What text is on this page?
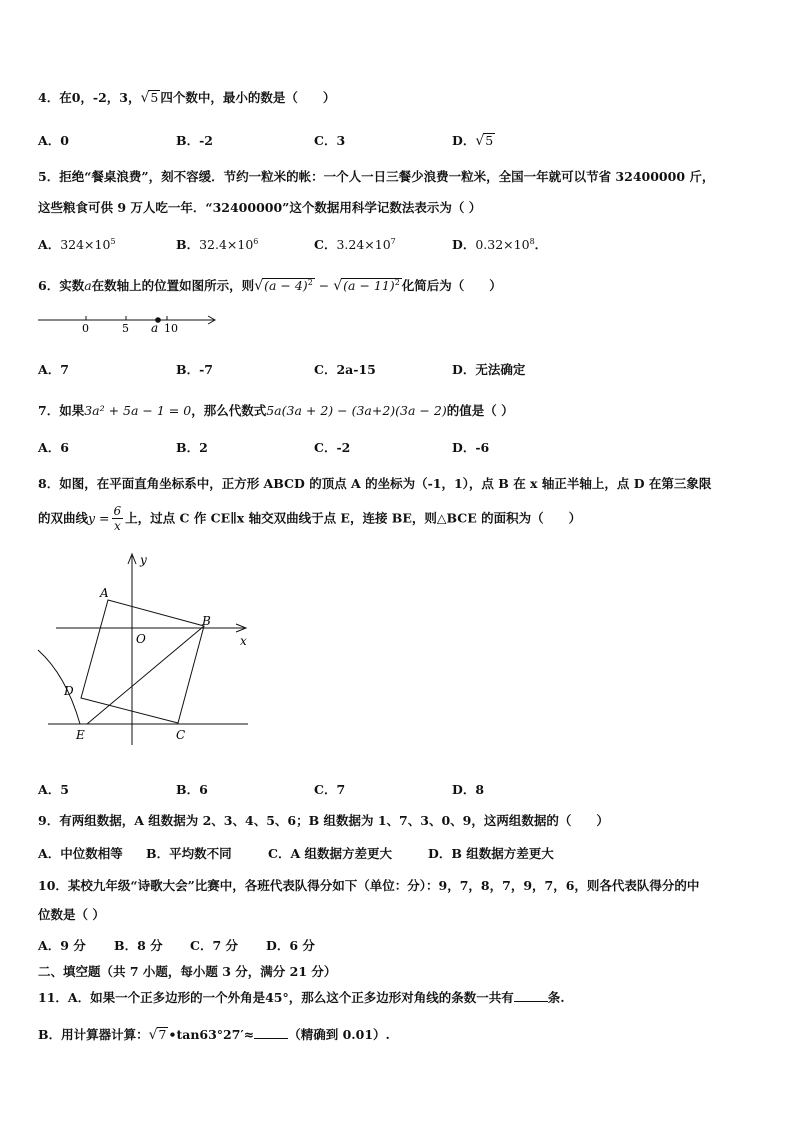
4．在0，-2，3，√5 四个数中，最小的数是（　　）
A．0	B．-2	C．3	D．√5
5．拒绝“餐桌浪费”，刻不容缓．节约一粒米的帐：一个人一日三餐少浪费一粒米，全国一年就可以节省 32400000 斤，
这些粮食可供 9 万人吃一年．“32400000”这个数据用科学记数法表示为（ ）
A．$324\times 10^5$	B．$32.4\times 10^6$	C．$3.24\times 10^7$	D．$0.32\times 10^8$．
6．实数a在数轴上的位置如图所示，则$√(a - 4)^2 - √(a - 11)^2$ 化简后为（　　）
0	5 a 10
A．7	B．-7	C．2a-15	D．无法确定
7．如果3a² + 5a − 1 = 0，那么代数式5a(3a + 2) − (3a+2)(3a − 2)的值是（ ）
A．6	B．2	C．-2	D．-6
8．如图，在平面直角坐标系中，正方形 ABCD 的顶点 A 的坐标为（-1，1），点 B 在 x 轴正半轴上，点 D 在第三象限
的双曲线$y = \frac{6}{x}$ 上，过点 C 作 CE∥x 轴交双曲线于点 E，连接 BE，则△BCE 的面积为（　　）
y
x
A
B
O
D
E	C
A．5	B．6	C．7	D．8
9．有两组数据，A 组数据为 2、3、4、5、6；B 组数据为 1、7、3、0、9，这两组数据的（　　）
A．中位数相等 B．平均数不同	C．A 组数据方差更大	D．B 组数据方差更大
10．某校九年级“诗歌大会”比赛中，各班代表队得分如下（单位：分）：9，7，8，7，9，7，6，则各代表队得分的中
位数是（ ）
A．9 分 B．8 分 C．7 分 D．6 分
二、填空题（共 7 小题，每小题 3 分，满分 21 分）
11．A．如果一个正多边形的一个外角是45°，那么这个正多边形对角线的条数一共有	条.
B．用计算器计算：√7 •tan63°27′≈	（精确到 0.01）.
